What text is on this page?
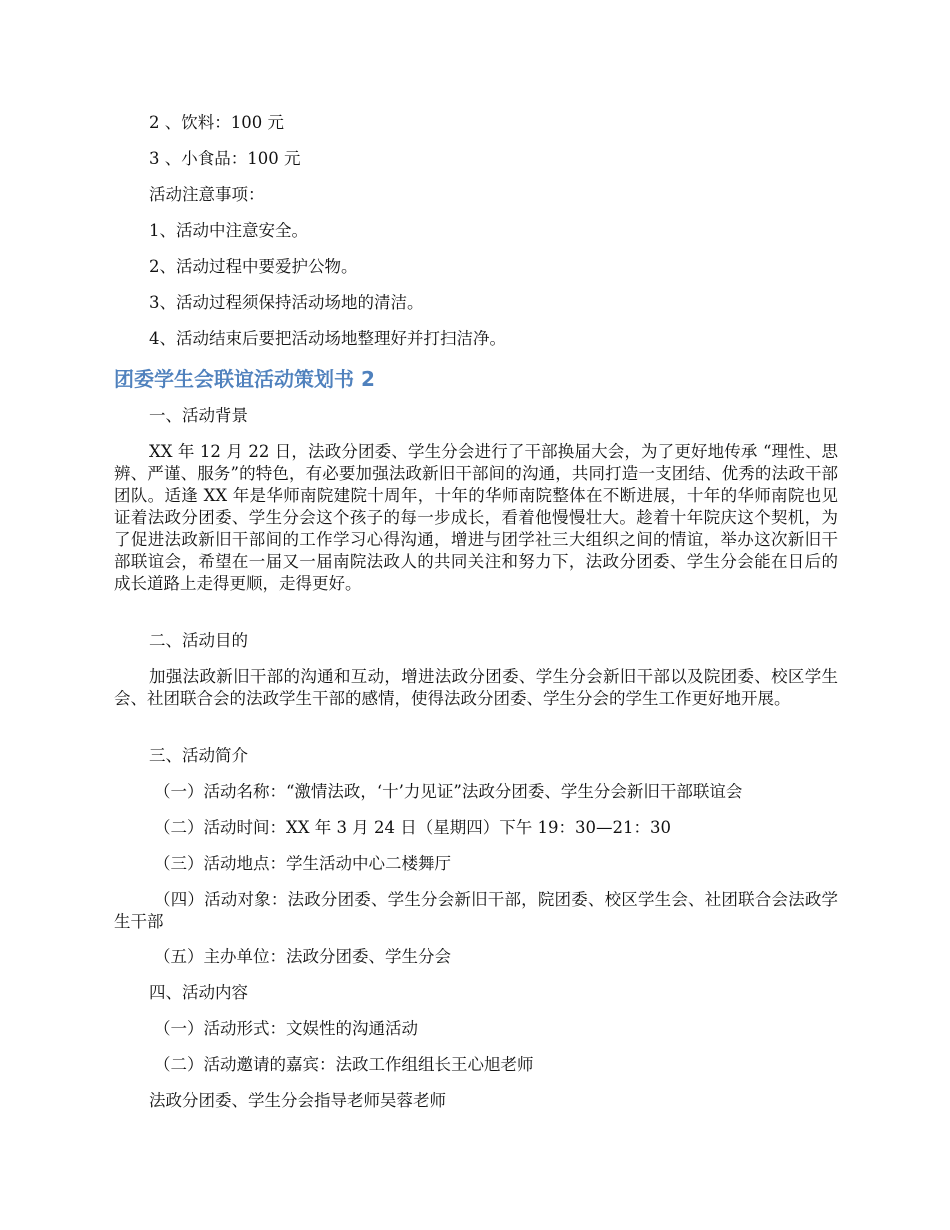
2 、饮料：100 元
3 、小食品：100 元
活动注意事项：
1、活动中注意安全。
2、活动过程中要爱护公物。
3、活动过程须保持活动场地的清洁。
4、活动结束后要把活动场地整理好并打扫洁净。
团委学生会联谊活动策划书 2
一、活动背景
XX 年 12 月 22 日，法政分团委、学生分会进行了干部换届大会，为了更好地传承 “理性、思辨、严谨、服务”的特色，有必要加强法政新旧干部间的沟通，共同打造一支团结、优秀的法政干部团队。适逢 XX 年是华师南院建院十周年，十年的华师南院整体在不断进展，十年的华师南院也见证着法政分团委、学生分会这个孩子的每一步成长，看着他慢慢壮大。趁着十年院庆这个契机，为了促进法政新旧干部间的工作学习心得沟通，增进与团学社三大组织之间的情谊，举办这次新旧干部联谊会，希望在一届又一届南院法政人的共同关注和努力下，法政分团委、学生分会能在日后的成长道路上走得更顺，走得更好。
二、活动目的
加强法政新旧干部的沟通和互动，增进法政分团委、学生分会新旧干部以及院团委、校区学生会、社团联合会的法政学生干部的感情，使得法政分团委、学生分会的学生工作更好地开展。
三、活动简介
（一）活动名称：“激情法政，‘十’力见证”法政分团委、学生分会新旧干部联谊会
（二）活动时间：XX 年 3 月 24 日（星期四）下午 19：30—21：30
（三）活动地点：学生活动中心二楼舞厅
（四）活动对象：法政分团委、学生分会新旧干部，院团委、校区学生会、社团联合会法政学生干部
（五）主办单位：法政分团委、学生分会
四、活动内容
（一）活动形式：文娱性的沟通活动
（二）活动邀请的嘉宾：法政工作组组长王心旭老师
法政分团委、学生分会指导老师吴蓉老师
